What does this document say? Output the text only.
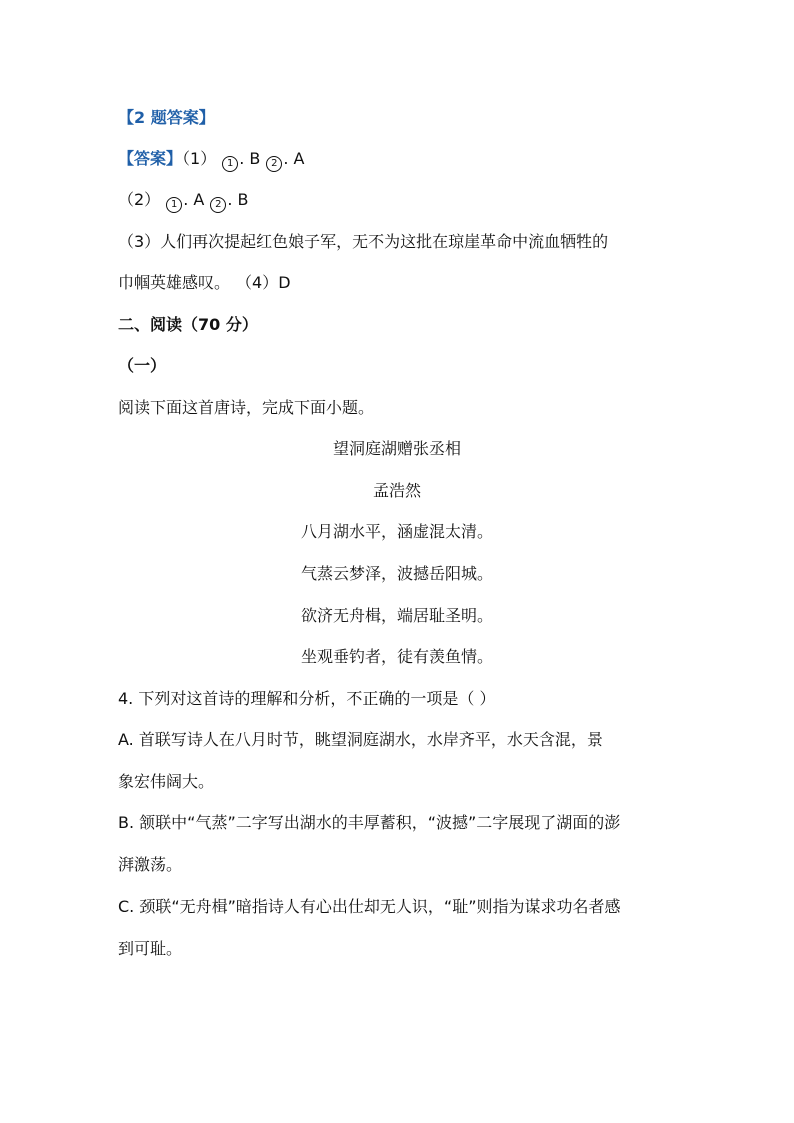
【2 题答案】
【答案】（1） 1 . B 2 . A
（2） 1 . A 2 . B
（3）人们再次提起红色娘子军，无不为这批在琼崖革命中流血牺牲的
巾帼英雄感叹。 （4）D
二、阅读（70 分）
（一）
阅读下面这首唐诗，完成下面小题。
望洞庭湖赠张丞相
孟浩然
八月湖水平，涵虚混太清。
气蒸云梦泽，波撼岳阳城。
欲济无舟楫，端居耻圣明。
坐观垂钓者，徒有羡鱼情。
4. 下列对这首诗的理解和分析，不正确的一项是（ ）
A. 首联写诗人在八月时节，眺望洞庭湖水，水岸齐平，水天含混，景
象宏伟阔大。
B. 颔联中“气蒸”二字写出湖水的丰厚蓄积，“波撼”二字展现了湖面的澎
湃激荡。
C. 颈联“无舟楫”暗指诗人有心出仕却无人识，“耻”则指为谋求功名者感
到可耻。
